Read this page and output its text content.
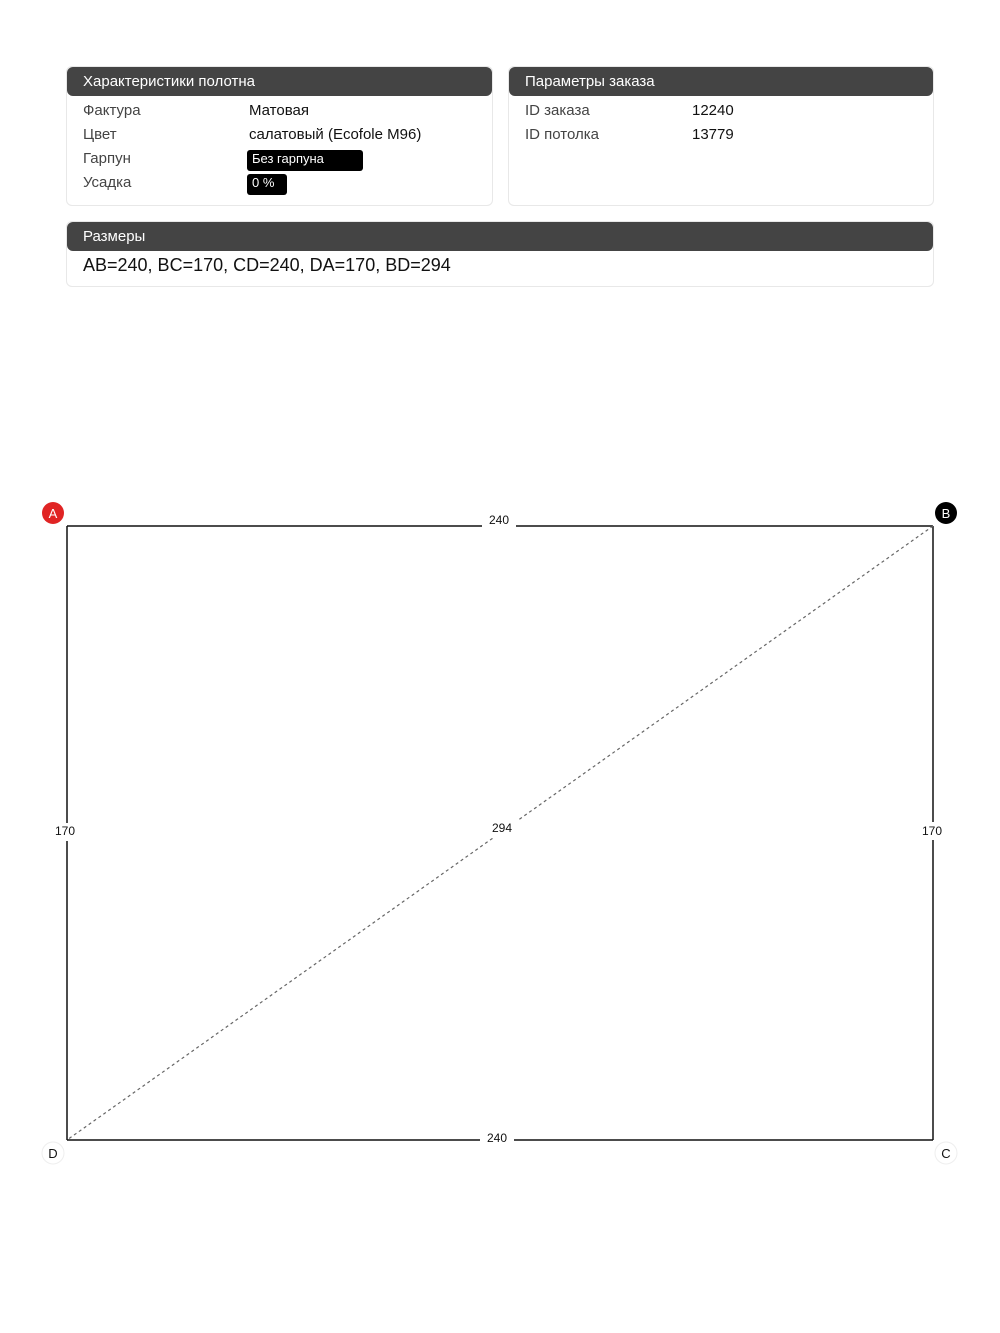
Характеристики полотна
Фактура	Матовая
Цвет	салатовый (Ecofole M96)
Гарпун	Без гарпуна
Усадка	0 %
Параметры заказа
ID заказа	12240
ID потолка	13779
Размеры
AB=240, BC=170, CD=240, DA=170, BD=294
240
240
170	170
294
A	B
C
D
